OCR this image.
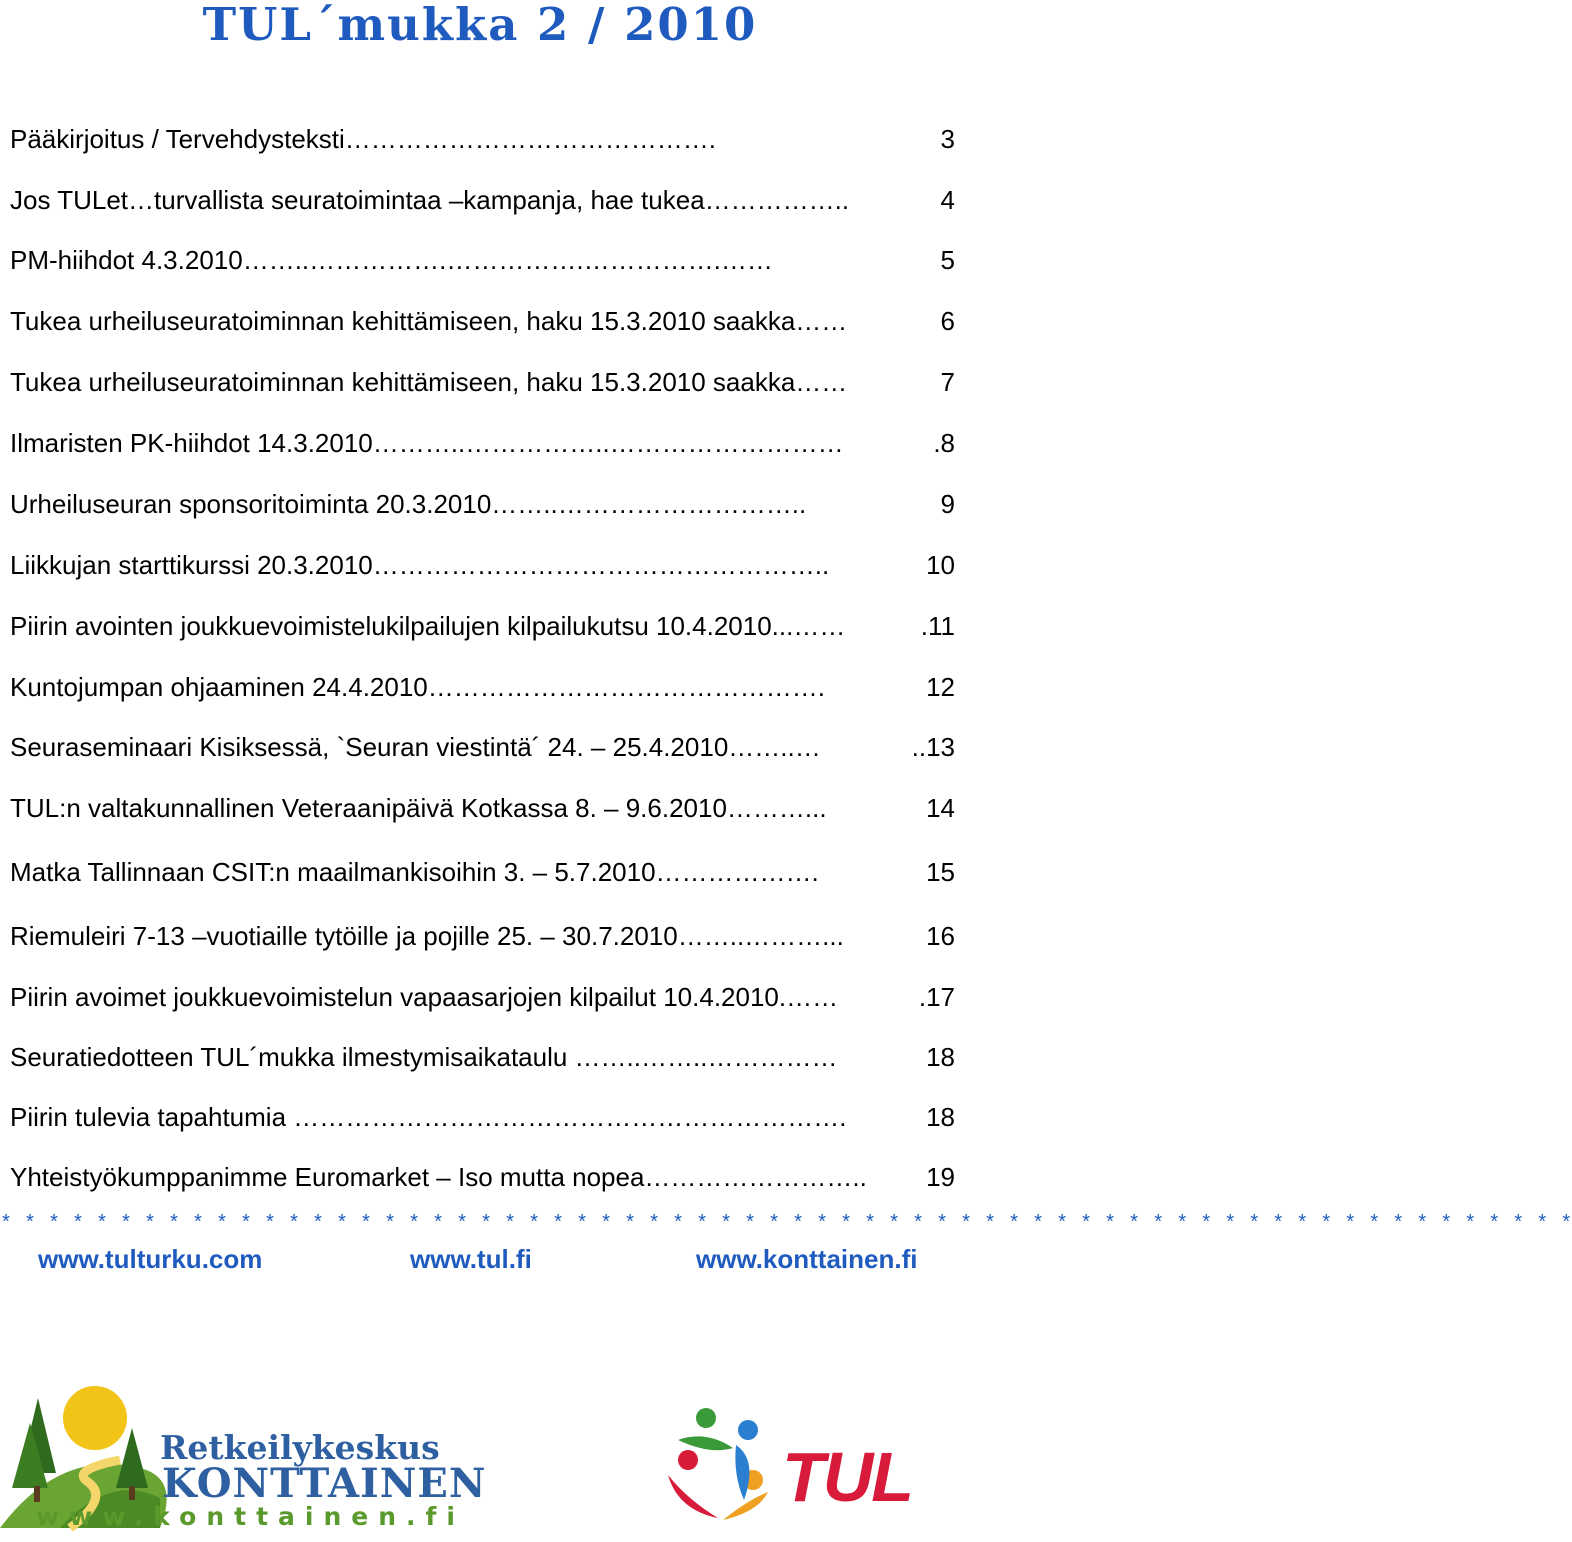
TUL´mukka 2 / 2010
Pääkirjoitus / Tervehdysteksti…………………………………….	3
Jos TULet…turvallista seuratoimintaa –kampanja, hae tukea……………..	4
PM-hiihdot 4.3.2010……..…………….…………….…………….……	5
Tukea urheiluseuratoiminnan kehittämiseen, haku 15.3.2010 saakka……	6
Tukea urheiluseuratoiminnan kehittämiseen, haku 15.3.2010 saakka……	7
Ilmaristen PK-hiihdot 14.3.2010………..……………..………………………	.8
Urheiluseuran sponsoritoiminta 20.3.2010……..………………………..	9
Liikkujan starttikurssi 20.3.2010……………………………………………..	10
Piirin avointen joukkuevoimistelukilpailujen kilpailukutsu 10.4.2010...……	.11
Kuntojumpan ohjaaminen 24.4.2010……………………………………….	12
Seuraseminaari Kisiksessä, `Seuran viestintä´ 24. – 25.4.2010……..…	..13
TUL:n valtakunnallinen Veteraanipäivä Kotkassa 8. – 9.6.2010………...	14
Matka Tallinnaan CSIT:n maailmankisoihin 3. – 5.7.2010……………….	15
Riemuleiri 7-13 –vuotiaille tytöille ja pojille 25. – 30.7.2010……..………...	16
Piirin avoimet joukkuevoimistelun vapaasarjojen kilpailut 10.4.2010.……	.17
Seuratiedotteen TUL´mukka ilmestymisaikataulu ……..……..……………	18
Piirin tulevia tapahtumia ……………………………………………………….	18
Yhteistyökumppanimme Euromarket – Iso mutta nopea…………………….. 19
* * * * * * * * * * * * * * * * * * * * * * * * * * * * * * * * * * * * * * * * * * * * * * * * * * * * * * * * * * * * * * * * * *
www.tulturku.com	www.tul.fi	www.konttainen.fi
Retkeilykeskus
KONTTAINEN
www.konttainen.fi
TUL
